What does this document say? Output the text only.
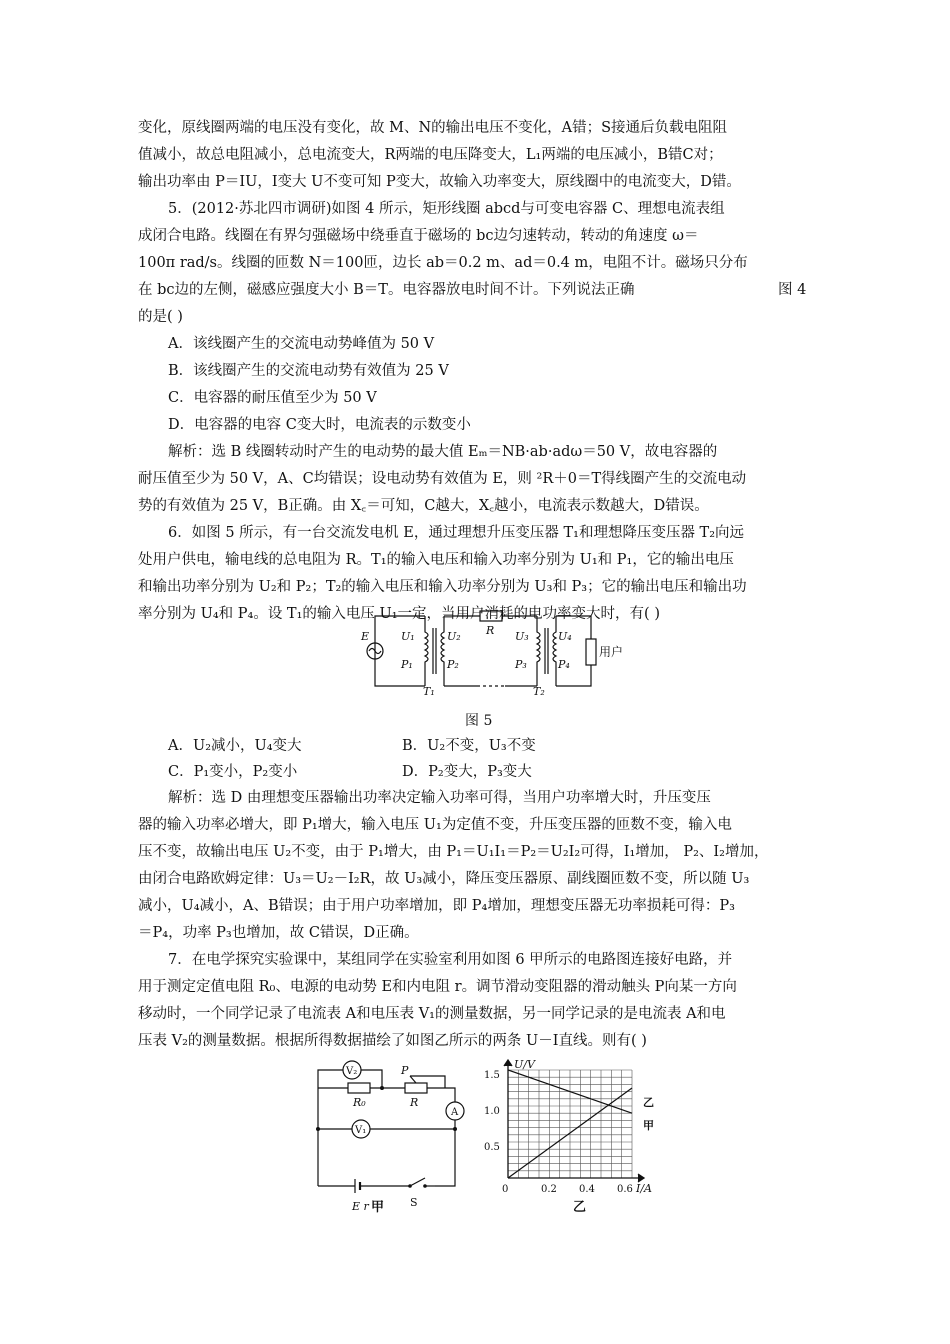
变化，原线圈两端的电压没有变化，故 M、N的输出电压不变化，A错；S接通后负载电阻阻
值减小，故总电阻减小，总电流变大，R两端的电压降变大，L₁两端的电压减小，B错C对；
输出功率由 P＝IU，I变大 U不变可知 P变大，故输入功率变大，原线圈中的电流变大，D错。
5．(2012·苏北四市调研)如图 4 所示，矩形线圈 abcd与可变电容器 C、理想电流表组
成闭合电路。线圈在有界匀强磁场中绕垂直于磁场的 bc边匀速转动，转动的角速度 ω＝
100π rad/s。线圈的匝数 N＝100匝，边长 ab＝0.2 m、ad＝0.4 m，电阻不计。磁场只分布
在 bc边的左侧，磁感应强度大小 B＝T。电容器放电时间不计。下列说法正确	图 4
的是( )
A．该线圈产生的交流电动势峰值为 50 V
B．该线圈产生的交流电动势有效值为 25 V
C．电容器的耐压值至少为 50 V
D．电容器的电容 C变大时，电流表的示数变小
解析：选 B 线圈转动时产生的电动势的最大值 Eₘ＝NB·ab·adω＝50 V，故电容器的
耐压值至少为 50 V，A、C均错误；设电动势有效值为 E，则 ²R＋0＝T得线圈产生的交流电动
势的有效值为 25 V，B正确。由 X꜀＝可知，C越大，X꜀越小，电流表示数越大，D错误。
6．如图 5 所示，有一台交流发电机 E，通过理想升压变压器 T₁和理想降压变压器 T₂向远
处用户供电，输电线的总电阻为 R。T₁的输入电压和输入功率分别为 U₁和 P₁，它的输出电压
和输出功率分别为 U₂和 P₂；T₂的输入电压和输入功率分别为 U₃和 P₃；它的输出电压和输出功
率分别为 U₄和 P₄。设 T₁的输入电压 U₁一定，当用户消耗的电功率变大时，有( )
E	U₁
P₁
U₂
P₂
R U₃
P₃
U₄
P₄
T₁	T₂
用户
图 5
A．U₂减小，U₄变大	B．U₂不变，U₃不变
C．P₁变小，P₂变小	D．P₂变大，P₃变大
解析：选 D 由理想变压器输出功率决定输入功率可得，当用户功率增大时，升压变压
器的输入功率必增大，即 P₁增大，输入电压 U₁为定值不变，升压变压器的匝数不变，输入电
压不变，故输出电压 U₂不变，由于 P₁增大，由 P₁＝U₁I₁＝P₂＝U₂I₂可得，I₁增加， P₂、I₂增加，
由闭合电路欧姆定律：U₃＝U₂－I₂R，故 U₃减小，降压变压器原、副线圈匝数不变，所以随 U₃
减小，U₄减小，A、B错误；由于用户功率增加，即 P₄增加，理想变压器无功率损耗可得：P₃
＝P₄，功率 P₃也增加，故 C错误，D正确。
7．在电学探究实验课中，某组同学在实验室利用如图 6 甲所示的电路图连接好电路，并
用于测定定值电阻 R₀、电源的电动势 E和内电阻 r。调节滑动变阻器的滑动触头 P向某一方向
移动时，一个同学记录了电流表 A和电压表 V₁的测量数据，另一同学记录的是电流表 A和电
压表 V₂的测量数据。根据所得数据描绘了如图乙所示的两条 U－I直线。则有( )
V₂
V₁
A
R₀	R
P
E r	S
甲
1.5
1.0
0.5
0	0.2 0.4 0.6
U/V
I/A
乙
甲
乙
